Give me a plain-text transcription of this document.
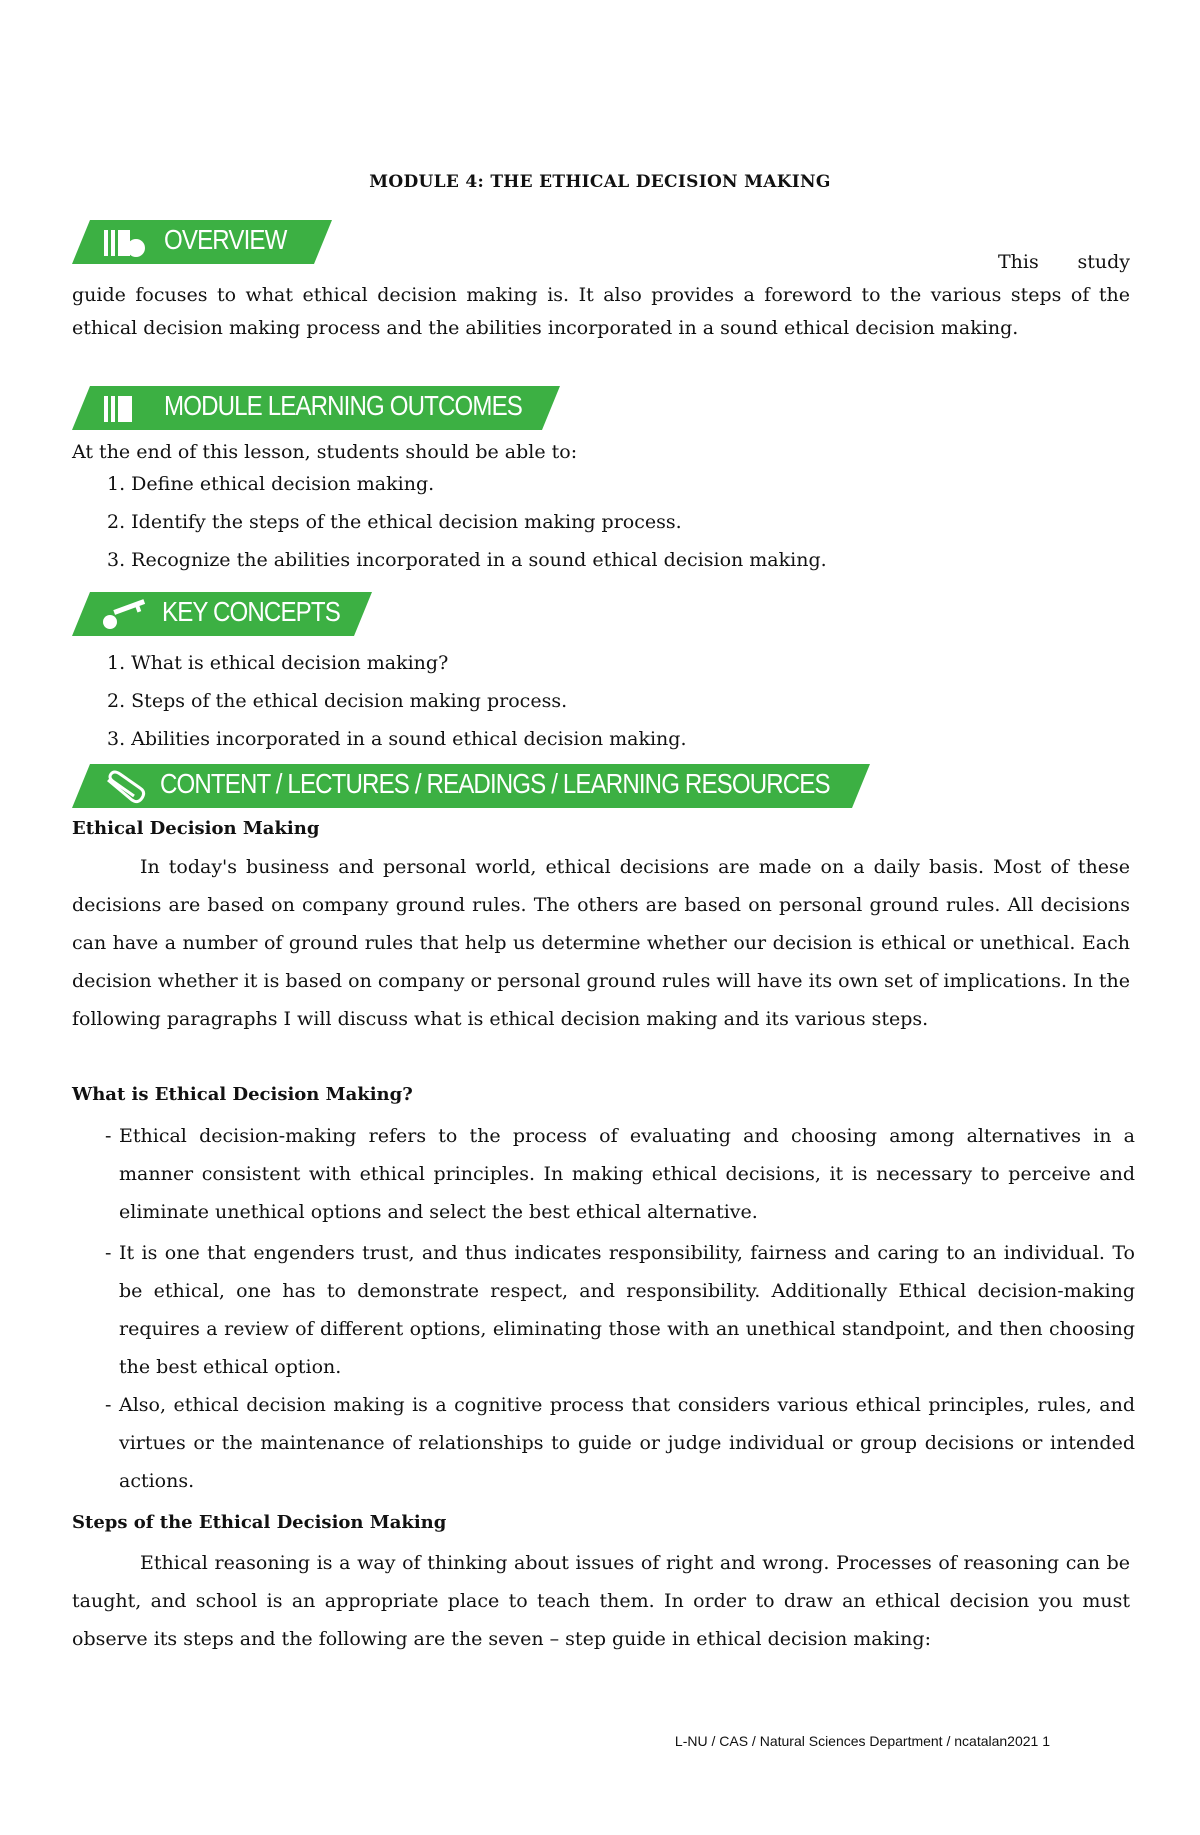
MODULE 4: THE ETHICAL DECISION MAKING
OVERVIEW
This study guide focuses to what ethical decision making is. It also provides a foreword to the various steps of the ethical decision making process and the abilities incorporated in a sound ethical decision making.
MODULE LEARNING OUTCOMES
At the end of this lesson, students should be able to:
1. Define ethical decision making.
2. Identify the steps of the ethical decision making process.
3. Recognize the abilities incorporated in a sound ethical decision making.
KEY CONCEPTS
1. What is ethical decision making?
2. Steps of the ethical decision making process.
3. Abilities incorporated in a sound ethical decision making.
CONTENT / LECTURES / READINGS / LEARNING RESOURCES
Ethical Decision Making
In today's business and personal world, ethical decisions are made on a daily basis. Most of these decisions are based on company ground rules. The others are based on personal ground rules. All decisions can have a number of ground rules that help us determine whether our decision is ethical or unethical. Each decision whether it is based on company or personal ground rules will have its own set of implications. In the following paragraphs I will discuss what is ethical decision making and its various steps.
What is Ethical Decision Making?
- Ethical decision-making refers to the process of evaluating and choosing among alternatives in a manner consistent with ethical principles. In making ethical decisions, it is necessary to perceive and eliminate unethical options and select the best ethical alternative.
- It is one that engenders trust, and thus indicates responsibility, fairness and caring to an individual. To be ethical, one has to demonstrate respect, and responsibility. Additionally Ethical decision-making requires a review of different options, eliminating those with an unethical standpoint, and then choosing the best ethical option.
- Also, ethical decision making is a cognitive process that considers various ethical principles, rules, and virtues or the maintenance of relationships to guide or judge individual or group decisions or intended actions.
Steps of the Ethical Decision Making
Ethical reasoning is a way of thinking about issues of right and wrong. Processes of reasoning can be taught, and school is an appropriate place to teach them. In order to draw an ethical decision you must observe its steps and the following are the seven – step guide in ethical decision making:
L-NU / CAS / Natural Sciences Department / ncatalan2021 1
